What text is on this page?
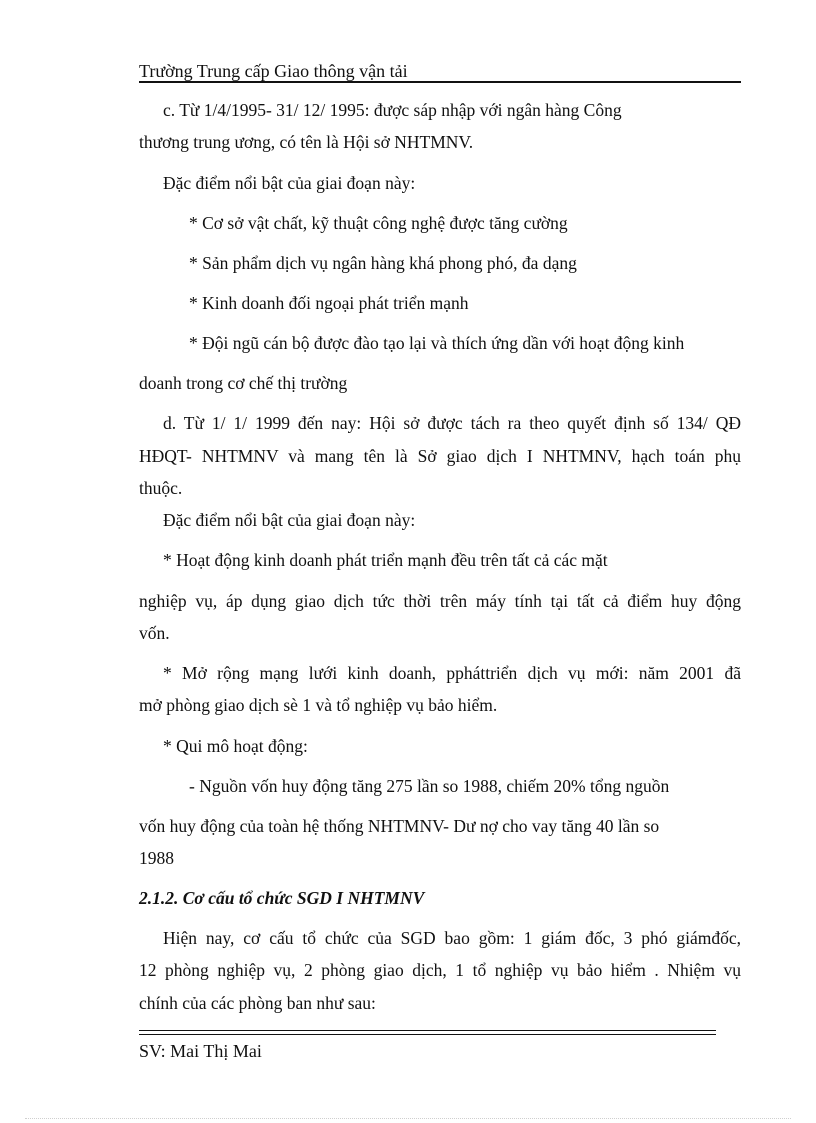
Trường Trung cấp Giao thông vận tải
c. Từ 1/4/1995- 31/ 12/ 1995: được sáp nhập với ngân hàng Công
thương trung ương, có tên là Hội sở NHTMNV.
Đặc điểm nổi bật của giai đoạn này:
* Cơ sở vật chất, kỹ thuật công nghệ được tăng cường
* Sản phẩm dịch vụ ngân hàng khá phong phó, đa dạng
* Kinh doanh đối ngoại phát triển mạnh
* Đội ngũ cán bộ được đào tạo lại và thích ứng dần với hoạt động kinh
doanh trong cơ chế thị trường
d. Từ 1/ 1/ 1999 đến nay: Hội sở được tách ra theo quyết định số 134/ QĐ
HĐQT- NHTMNV và mang tên là Sở giao dịch I NHTMNV, hạch toán phụ
thuộc.
Đặc điểm nổi bật của giai đoạn này:
* Hoạt động kinh doanh phát triển mạnh đều trên tất cả các mặt
nghiệp vụ, áp dụng giao dịch tức thời trên máy tính tại tất cả điểm huy động
vốn.
* Mở rộng mạng lưới kinh doanh, ppháttriển dịch vụ mới: năm 2001 đã
mở phòng giao dịch sè 1 và tổ nghiệp vụ bảo hiểm.
* Qui mô hoạt động:
- Nguồn vốn huy động tăng 275 lần so 1988, chiếm 20% tổng nguồn
vốn huy động của toàn hệ thống NHTMNV- Dư nợ cho vay tăng 40 lần so
1988
2.1.2. Cơ cấu tổ chức SGD I NHTMNV
Hiện nay, cơ cấu tổ chức của SGD bao gồm: 1 giám đốc, 3 phó giámđốc,
12 phòng nghiệp vụ, 2 phòng giao dịch, 1 tổ nghiệp vụ bảo hiểm . Nhiệm vụ
chính của các phòng ban như sau:
SV: Mai Thị Mai
